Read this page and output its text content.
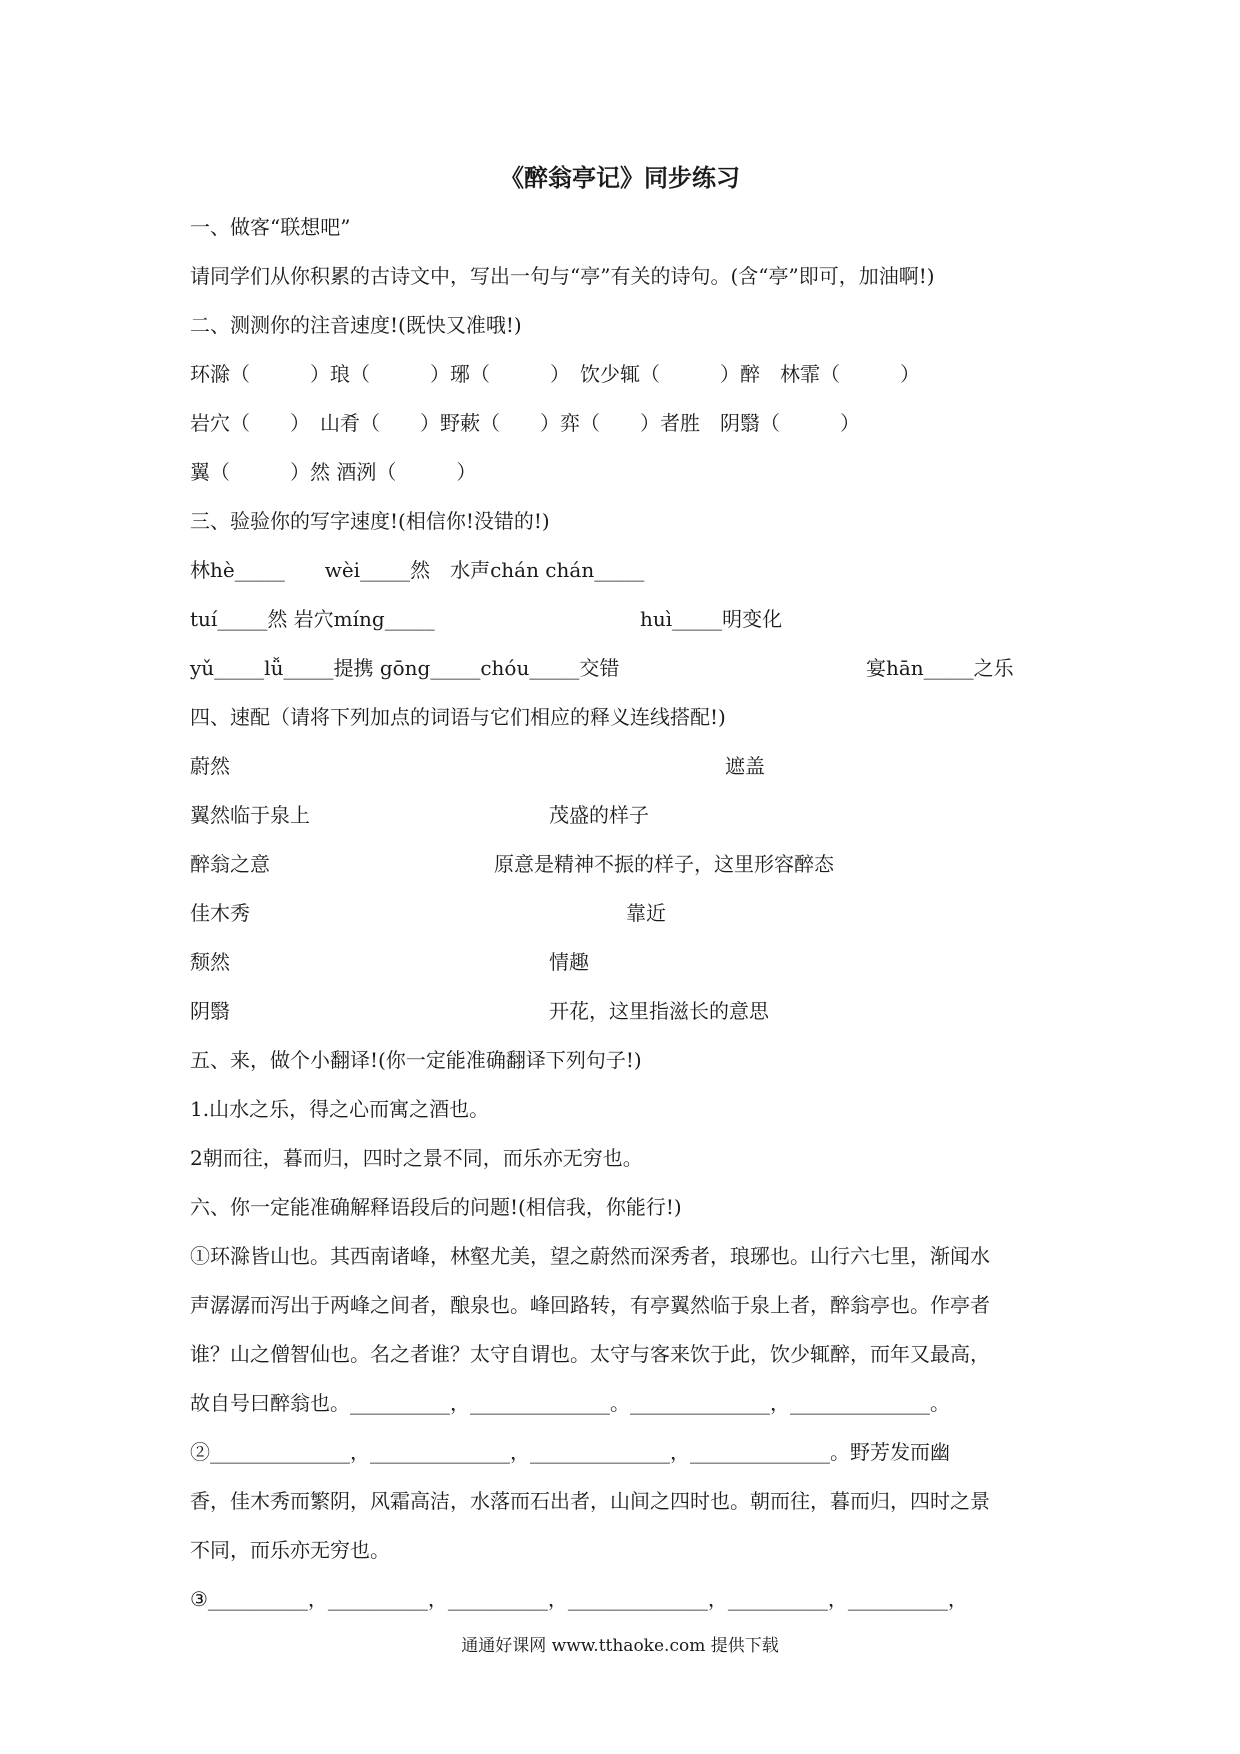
《醉翁亭记》同步练习
一、做客“联想吧”
请同学们从你积累的古诗文中，写出一句与“亭”有关的诗句。(含“亭”即可，加油啊!)
二、测测你的注音速度!(既快又准哦!)
环滁（　　　）琅（　　　）琊（　　　）　饮少辄（　　　）醉　林霏（　　　）
岩穴（　　）　山肴（　　）野蔌（　　）弈（　　）者胜　阴翳（　　　）
翼（　　　）然 酒洌（　　　）
三、验验你的写字速度!(相信你!没错的!)
林hè_____　　wèi_____然　水声chán chán_____
tuí_____然 岩穴míng_____	huì_____明变化
yǔ_____lǚ_____提携 gōng_____chóu_____交错	宴hān_____之乐
四、速配（请将下列加点的词语与它们相应的释义连线搭配!)
蔚然	遮盖
翼然临于泉上	茂盛的样子
醉翁之意	原意是精神不振的样子，这里形容醉态
佳木秀	靠近
颓然	情趣
阴翳	开花，这里指滋长的意思
五、来，做个小翻译!(你一定能准确翻译下列句子!)
1.山水之乐，得之心而寓之酒也。
2朝而往，暮而归，四时之景不同，而乐亦无穷也。
六、你一定能准确解释语段后的问题!(相信我，你能行!)
①环滁皆山也。其西南诸峰，林壑尤美，望之蔚然而深秀者，琅琊也。山行六七里，渐闻水
声潺潺而泻出于两峰之间者，酿泉也。峰回路转，有亭翼然临于泉上者，醉翁亭也。作亭者
谁？山之僧智仙也。名之者谁？太守自谓也。太守与客来饮于此，饮少辄醉，而年又最高，
故自号曰醉翁也。__________，______________。______________，______________。
②______________，______________，______________，______________。野芳发而幽
香，佳木秀而繁阴，风霜高洁，水落而石出者，山间之四时也。朝而往，暮而归，四时之景
不同，而乐亦无穷也。
③__________，__________，__________，______________，__________，__________，
通通好课网 www.tthaoke.com 提供下载
